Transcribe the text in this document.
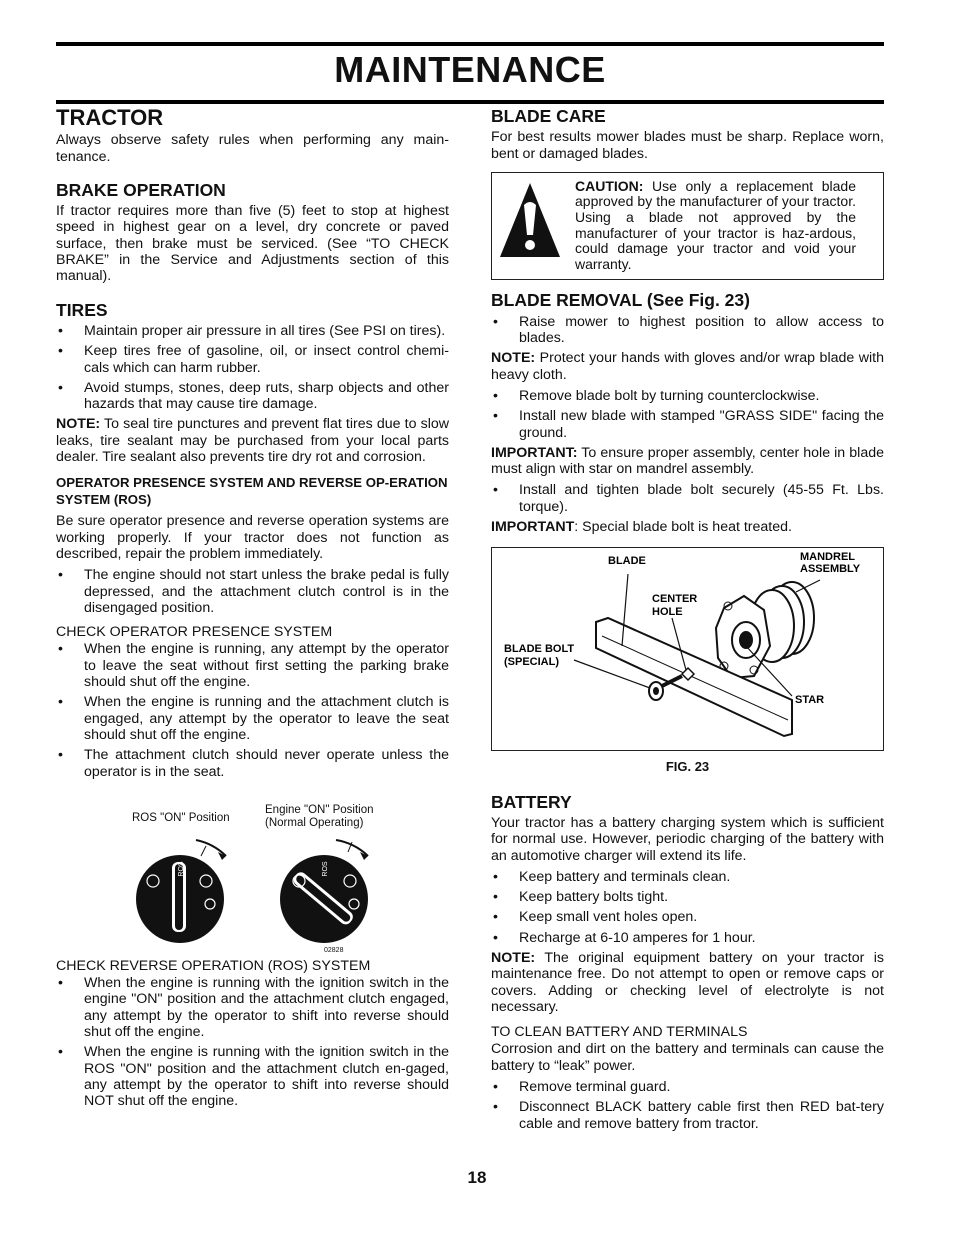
MAINTENANCE
TRACTOR

Always observe safety rules when performing any main-tenance.

BRAKE OPERATION

If tractor requires more than five (5) feet to stop at highest speed in highest gear on a level, dry concrete or paved surface, then brake must be serviced. (See “TO CHECK BRAKE” in the Service and Adjustments section of this manual).

TIRES
• Maintain proper air pressure in all tires (See PSI on tires).
• Keep tires free of gasoline, oil, or insect control chemi-cals which can harm rubber.
• Avoid stumps, stones, deep ruts, sharp objects and other hazards that may cause tire damage.

NOTE: To seal tire punctures and prevent flat tires due to slow leaks, tire sealant may be purchased from your local parts dealer. Tire sealant also prevents tire dry rot and corrosion.

OPERATOR PRESENCE SYSTEM AND REVERSE OP-ERATION SYSTEM (ROS)

Be sure operator presence and reverse operation systems are working properly. If your tractor does not function as described, repair the problem immediately.

• The engine should not start unless the brake pedal is fully depressed, and the attachment clutch control is in the disengaged position.

CHECK OPERATOR PRESENCE SYSTEM

• When the engine is running, any attempt by the operator to leave the seat without first setting the parking brake should shut off the engine.
• When the engine is running and the attachment clutch is engaged, any attempt by the operator to leave the seat should shut off the engine.
• The attachment clutch should never operate unless the operator is in the seat.
ROS "ON" Position
Engine "ON" Position
(Normal Operating)
ROS	ROS
02828

CHECK REVERSE OPERATION (ROS) SYSTEM

• When the engine is running with the ignition switch in the engine "ON" position and the attachment clutch engaged, any attempt by the operator to shift into reverse should shut off the engine.
• When the engine is running with the ignition switch in the ROS "ON" position and the attachment clutch en-gaged, any attempt by the operator to shift into reverse should NOT shut off the engine.
BLADE CARE

For best results mower blades must be sharp. Replace worn, bent or damaged blades.

CAUTION: Use only a replacement blade approved by the manufacturer of your tractor. Using a blade not approved by the manufacturer of your tractor is haz-ardous, could damage your tractor and void your warranty.

BLADE REMOVAL (See Fig. 23)
• Raise mower to highest position to allow access to blades.

NOTE: Protect your hands with gloves and/or wrap blade with heavy cloth.

• Remove blade bolt by turning counterclockwise.
• Install new blade with stamped "GRASS SIDE" facing the ground.

IMPORTANT: To ensure proper assembly, center hole in blade must align with star on mandrel assembly.

• Install and tighten blade bolt securely (45-55 Ft. Lbs. torque).

IMPORTANT: Special blade bolt is heat treated.

BLADE	MANDREL
ASSEMBLY
CENTER
HOLE
BLADE BOLT
(SPECIAL)
STAR
FIG. 23
BATTERY

Your tractor has a battery charging system which is sufficient for normal use. However, periodic charging of the battery with an automotive charger will extend its life.

• Keep battery and terminals clean.
• Keep battery bolts tight.
• Keep small vent holes open.
• Recharge at 6-10 amperes for 1 hour.

NOTE: The original equipment battery on your tractor is maintenance free. Do not attempt to open or remove caps or covers. Adding or checking level of electrolyte is not necessary.

TO CLEAN BATTERY AND TERMINALS

Corrosion and dirt on the battery and terminals can cause the battery to “leak” power.

• Remove terminal guard.
• Disconnect BLACK battery cable first then RED bat-tery cable and remove battery from tractor.
18
